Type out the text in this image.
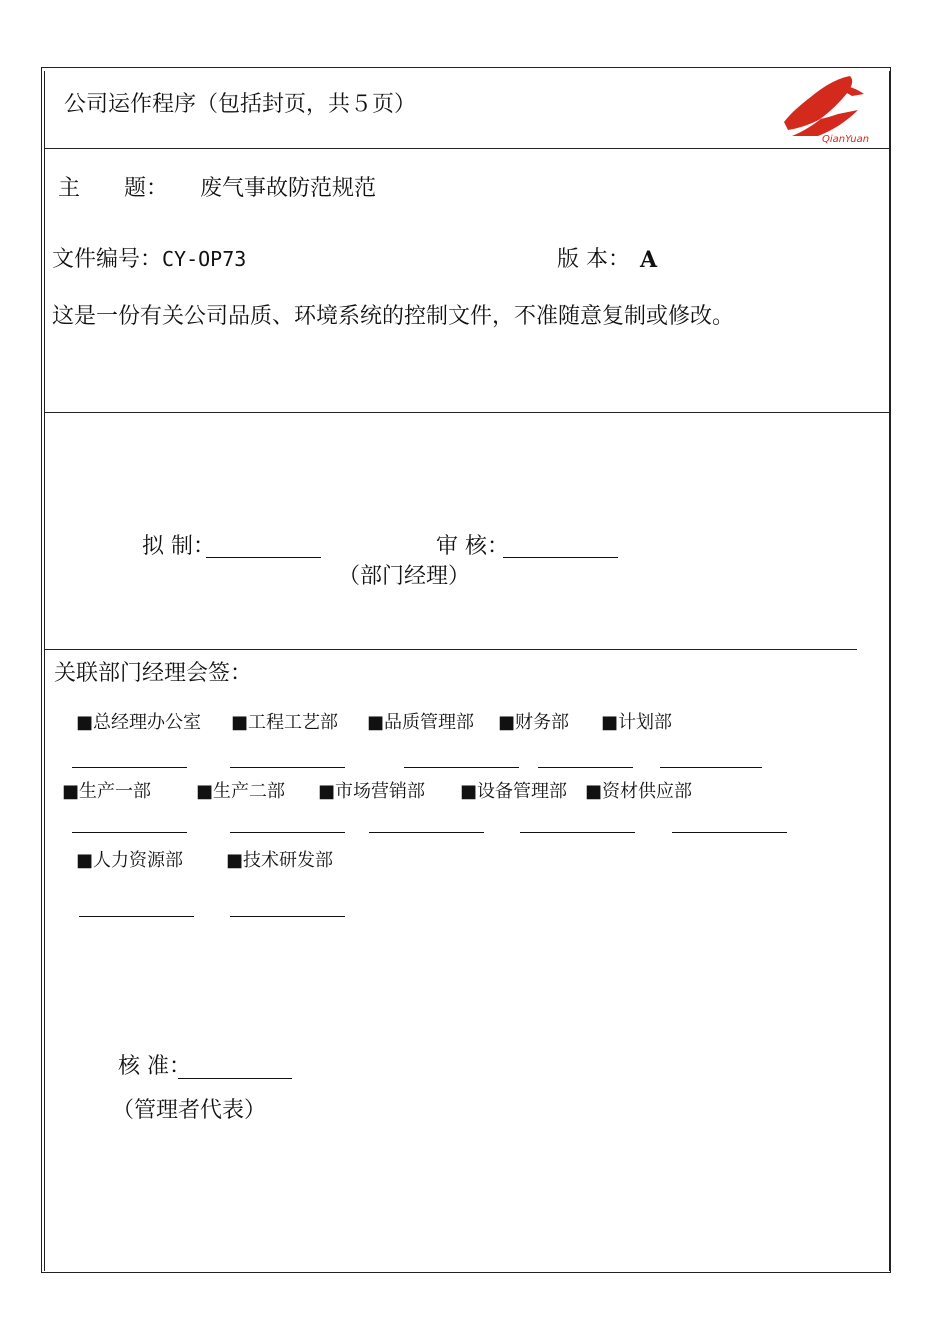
公司运作程序（包括封页，共５页）
QianYuan
主　　题： 废气事故防范规范
文件编号： CY-OP73	版 本： A
这是一份有关公司品质、环境系统的控制文件，不准随意复制或修改。
拟 制：	审 核：
（部门经理）
关联部门经理会签：
■总经理办公室 ■工程工艺部 ■品质管理部 ■财务部 ■计划部
■生产一部 ■生产二部 ■市场营销部 ■设备管理部 ■资材供应部
■人力资源部 ■技术研发部
核 准：
（管理者代表）
